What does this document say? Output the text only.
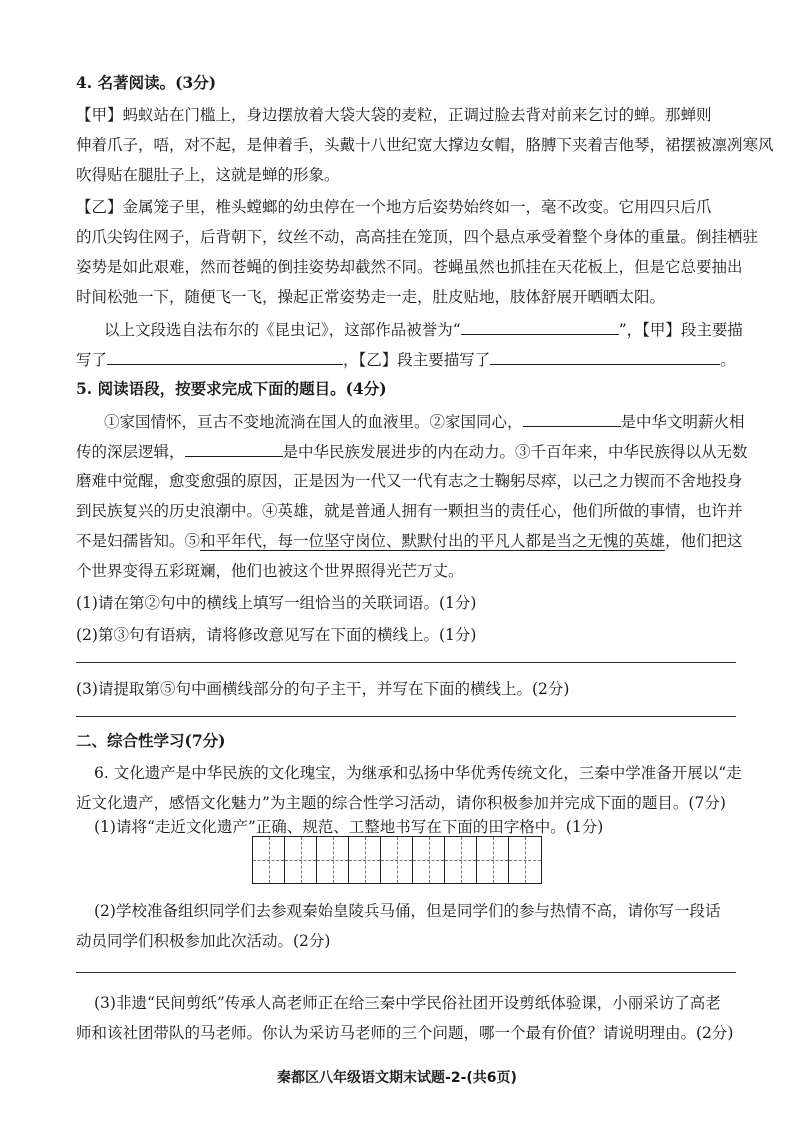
4. 名著阅读。(3分)
【甲】蚂蚁站在门槛上，身边摆放着大袋大袋的麦粒，正调过脸去背对前来乞讨的蝉。那蝉则
伸着爪子，唔，对不起，是伸着手，头戴十八世纪宽大撑边女帽，胳膊下夹着吉他琴，裙摆被凛冽寒风
吹得贴在腿肚子上，这就是蝉的形象。
【乙】金属笼子里，椎头螳螂的幼虫停在一个地方后姿势始终如一，毫不改变。它用四只后爪
的爪尖钩住网子，后背朝下，纹丝不动，高高挂在笼顶，四个悬点承受着整个身体的重量。倒挂栖驻
姿势是如此艰难，然而苍蝇的倒挂姿势却截然不同。苍蝇虽然也抓挂在天花板上，但是它总要抽出
时间松弛一下，随便飞一飞，操起正常姿势走一走，肚皮贴地，肢体舒展开晒晒太阳。
以上文段选自法布尔的《昆虫记》，这部作品被誉为“	”，【甲】段主要描
写了	，【乙】段主要描写了	。
5. 阅读语段，按要求完成下面的题目。(4分)
①家国情怀，亘古不变地流淌在国人的血液里。②家国同心，	是中华文明薪火相
传的深层逻辑，	是中华民族发展进步的内在动力。③千百年来，中华民族得以从无数
磨难中觉醒，愈变愈强的原因，正是因为一代又一代有志之士鞠躬尽瘁，以己之力锲而不舍地投身
到民族复兴的历史浪潮中。④英雄，就是普通人拥有一颗担当的责任心，他们所做的事情，也许并
不是妇孺皆知。⑤和平年代，每一位坚守岗位、默默付出的平凡人都是当之无愧的英雄，他们把这
个世界变得五彩斑斓，他们也被这个世界照得光芒万丈。
(1)请在第②句中的横线上填写一组恰当的关联词语。(1分)
(2)第③句有语病，请将修改意见写在下面的横线上。(1分)
(3)请提取第⑤句中画横线部分的句子主干，并写在下面的横线上。(2分)
二、综合性学习(7分)
6. 文化遗产是中华民族的文化瑰宝，为继承和弘扬中华优秀传统文化，三秦中学准备开展以“走
近文化遗产，感悟文化魅力”为主题的综合性学习活动，请你积极参加并完成下面的题目。(7分)
(1)请将“走近文化遗产”正确、规范、工整地书写在下面的田字格中。(1分)
(2)学校准备组织同学们去参观秦始皇陵兵马俑，但是同学们的参与热情不高，请你写一段话
动员同学们积极参加此次活动。(2分)
(3)非遗“民间剪纸”传承人高老师正在给三秦中学民俗社团开设剪纸体验课，小丽采访了高老
师和该社团带队的马老师。你认为采访马老师的三个问题，哪一个最有价值？请说明理由。(2分)
秦都区八年级语文期末试题-2-(共6页)
